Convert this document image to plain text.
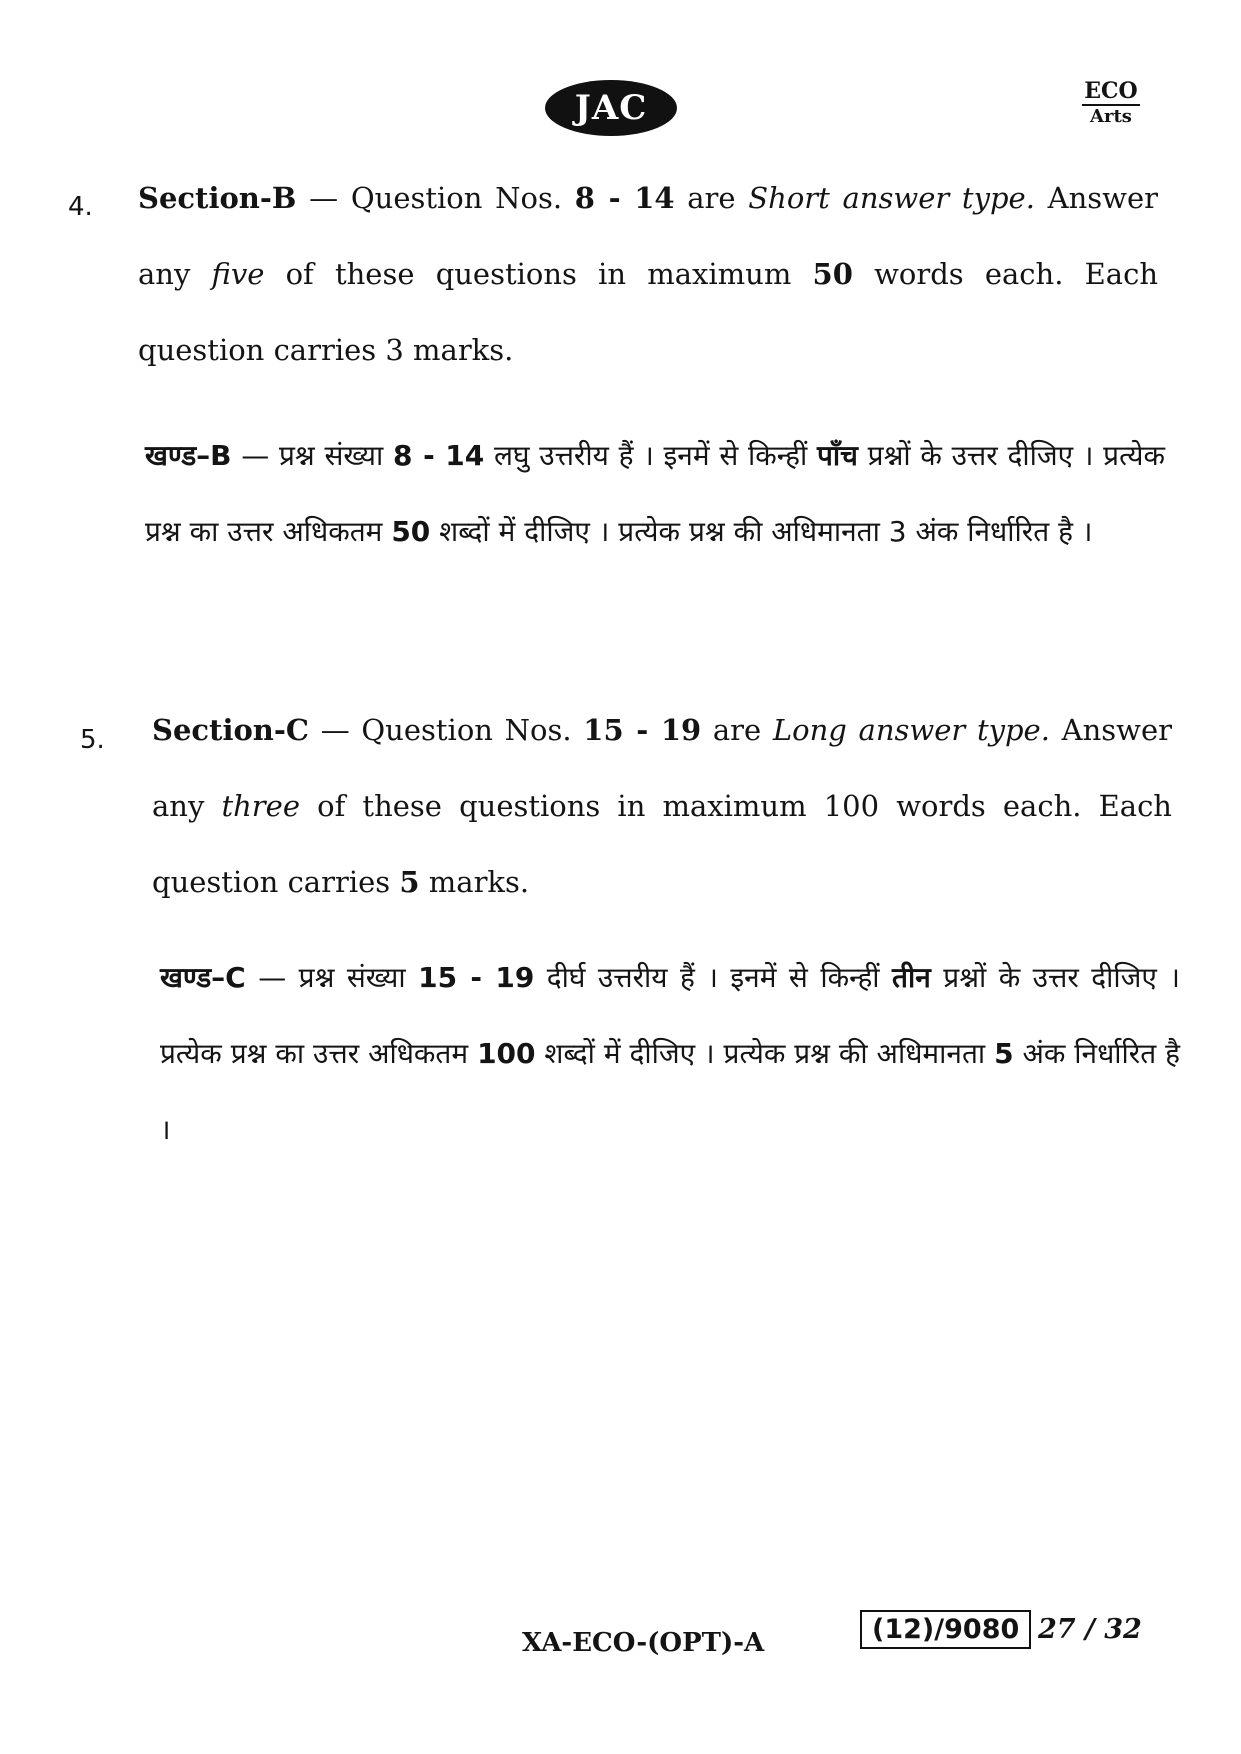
JAC	ECO
Arts
4. Section-B — Question Nos. 8 - 14 are Short answer type. Answer any five of these questions in maximum 50 words each. Each question carries 3 marks.
खण्ड–B — प्रश्न संख्या 8 - 14 लघु उत्तरीय हैं । इनमें से किन्हीं पाँच प्रश्नों के उत्तर दीजिए । प्रत्येक प्रश्न का उत्तर अधिकतम 50 शब्दों में दीजिए । प्रत्येक प्रश्न की अधिमानता 3 अंक निर्धारित है ।
5. Section-C — Question Nos. 15 - 19 are Long answer type. Answer any three of these questions in maximum 100 words each. Each question carries 5 marks.
खण्ड–C — प्रश्न संख्या 15 - 19 दीर्घ उत्तरीय हैं । इनमें से किन्हीं तीन प्रश्नों के उत्तर दीजिए । प्रत्येक प्रश्न का उत्तर अधिकतम 100 शब्दों में दीजिए । प्रत्येक प्रश्न की अधिमानता 5 अंक निर्धारित है ।
XA-ECO-(OPT)-A	(12)/9080 27 / 32
